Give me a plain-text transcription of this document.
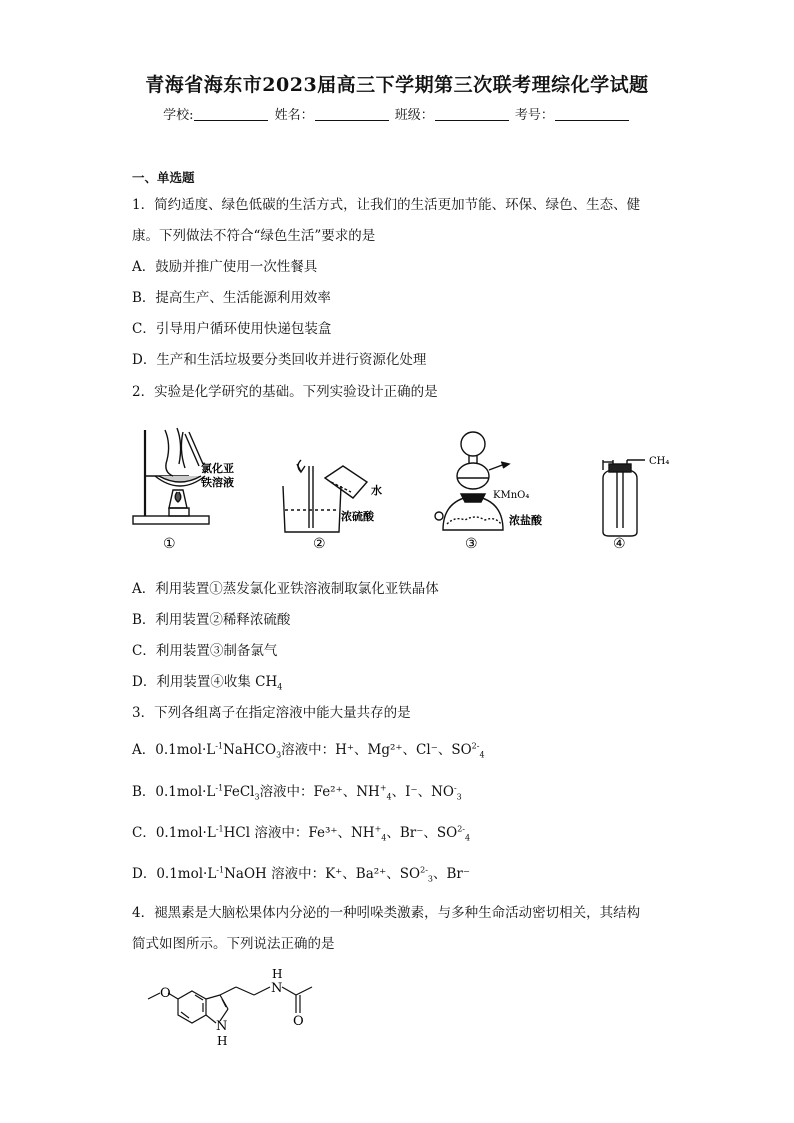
青海省海东市2023届高三下学期第三次联考理综化学试题
学校:	姓名：	班级：	考号：
一、单选题
1．简约适度、绿色低碳的生活方式，让我们的生活更加节能、环保、绿色、生态、健
康。下列做法不符合“绿色生活”要求的是
A．鼓励并推广使用一次性餐具
B．提高生产、生活能源利用效率
C．引导用户循环使用快递包装盒
D．生产和生活垃圾要分类回收并进行资源化处理
2．实验是化学研究的基础。下列实验设计正确的是
氯化亚
铁溶液
水
浓硫酸
KMnO₄
浓盐酸
CH₄
①	②	③	④
A．利用装置①蒸发氯化亚铁溶液制取氯化亚铁晶体
B．利用装置②稀释浓硫酸
C．利用装置③制备氯气
D．利用装置④收集 $CH_4$
3．下列各组离子在指定溶液中能大量共存的是
A．$0.1mol\cdot L^{-1}NaHCO_3$溶液中：H⁺、Mg²⁺、Cl⁻、$SO^{2-}_4$
B．$0.1mol\cdot L^{-1}FeCl_3$溶液中：Fe²⁺、$NH^+_4$、I⁻、$NO^-_3$
C．$0.1mol\cdot L^{-1}HCl$ 溶液中：Fe³⁺、$NH^+_4$、Br⁻、$SO^{2-}_4$
D．$0.1mol\cdot L^{-1}NaOH$ 溶液中：K⁺、Ba²⁺、$SO^{2-}_3$、Br⁻
4．褪黑素是大脑松果体内分泌的一种吲哚类激素，与多种生命活动密切相关，其结构
简式如图所示。下列说法正确的是
O	N
H
N
H
O
